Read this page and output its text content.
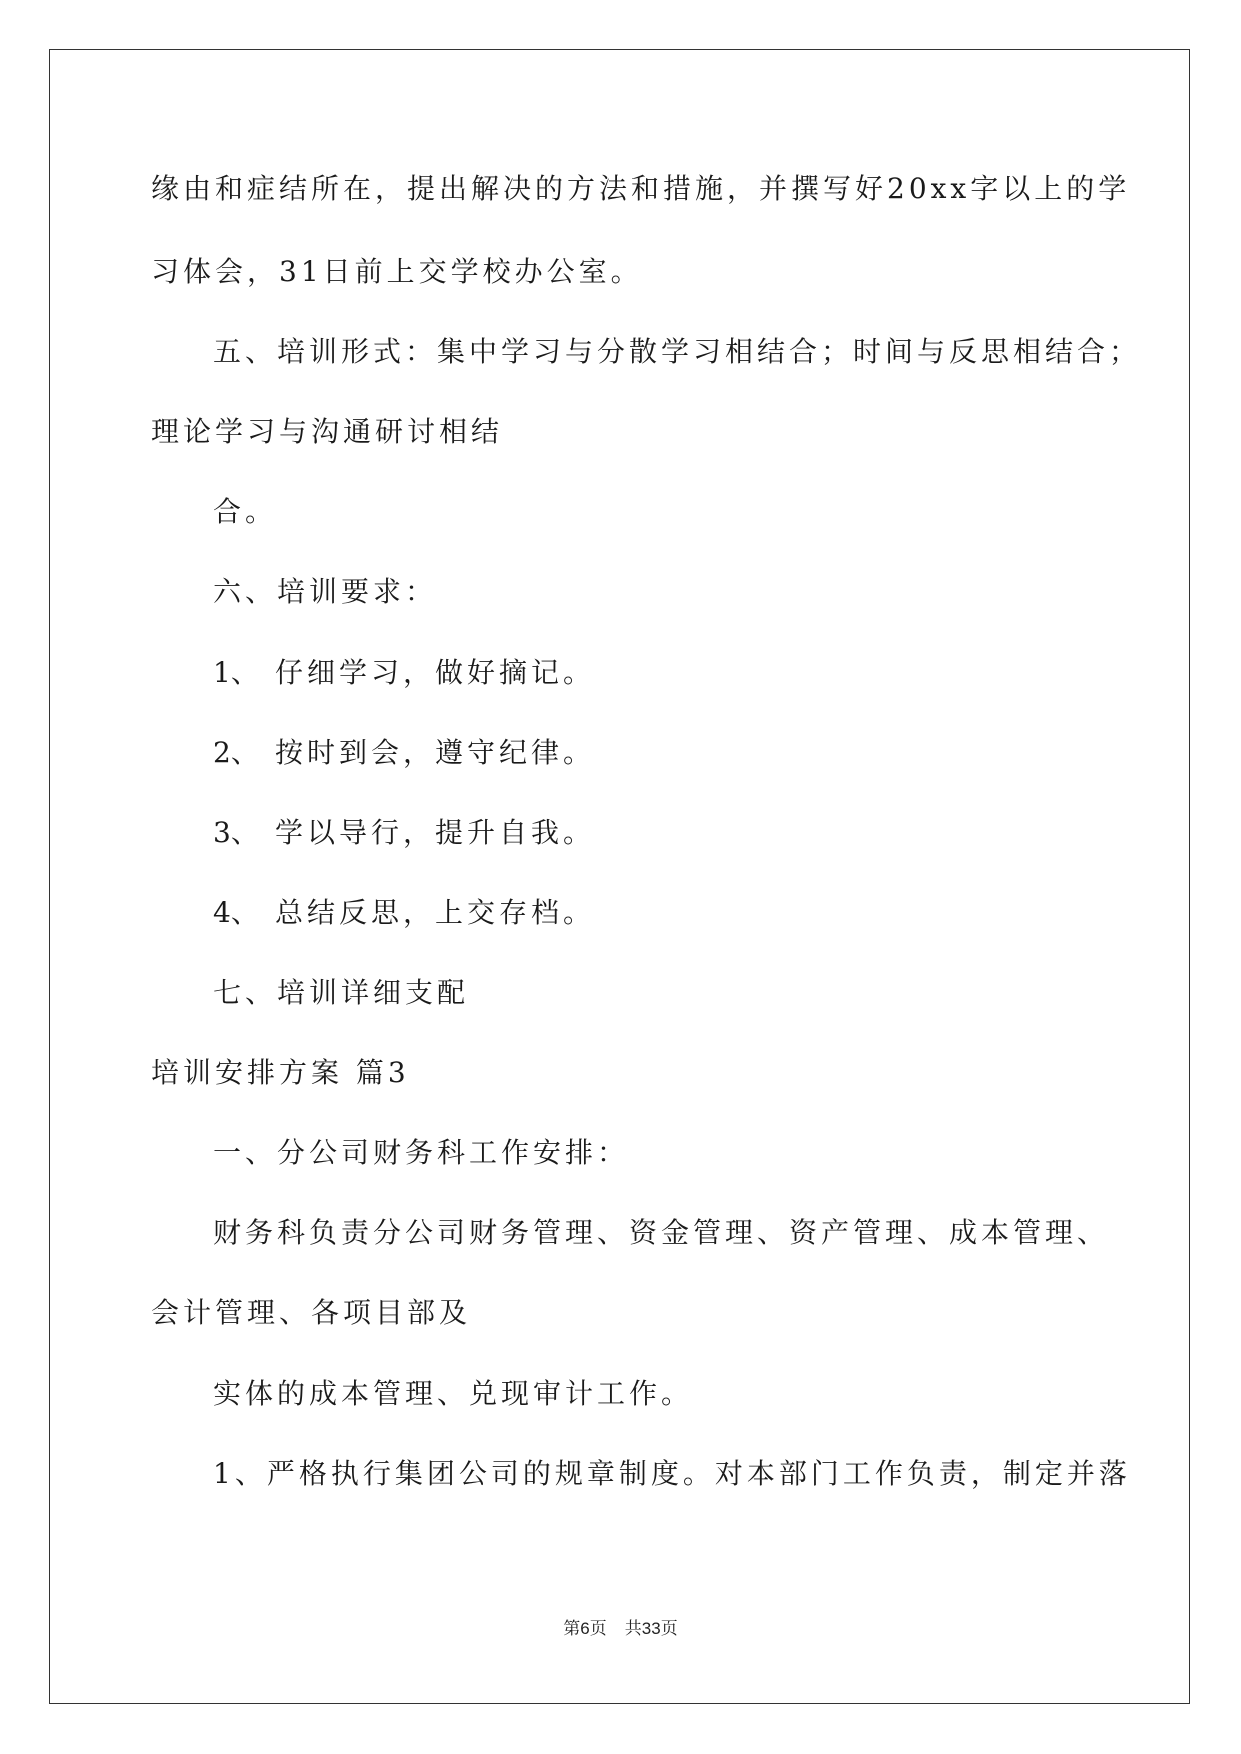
缘由和症结所在，提出解决的方法和措施，并撰写好20xx字以上的学
习体会，31日前上交学校办公室。
五、培训形式：集中学习与分散学习相结合；时间与反思相结合；
理论学习与沟通研讨相结
合。
六、培训要求：
1、 仔细学习，做好摘记。
2、 按时到会，遵守纪律。
3、 学以导行，提升自我。
4、 总结反思，上交存档。
七、培训详细支配
培训安排方案 篇3
一、分公司财务科工作安排：
财务科负责分公司财务管理、资金管理、资产管理、成本管理、
会计管理、各项目部及
实体的成本管理、兑现审计工作。
1、严格执行集团公司的规章制度。对本部门工作负责，制定并落
第6页 共33页
